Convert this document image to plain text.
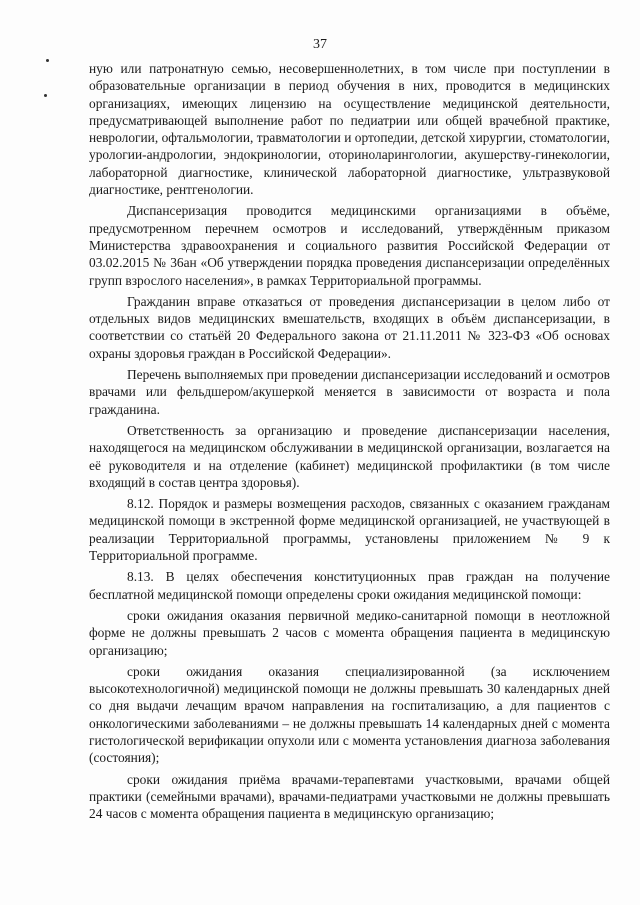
37

ную или патронатную семью, несовершеннолетних, в том числе при поступлении в образовательные организации в период обучения в них, проводится в медицинских организациях, имеющих лицензию на осуществление медицинской деятельности, предусматривающей выполнение работ по педиатрии или общей врачебной практике, неврологии, офтальмологии, травматологии и ортопедии, детской хирургии, стоматологии, урологии-андрологии, эндокринологии, оториноларингологии, акушерству-гинекологии, лабораторной диагностике, клинической лабораторной диагностике, ультразвуковой диагностике, рентгенологии.

Диспансеризация проводится медицинскими организациями в объёме, предусмотренном перечнем осмотров и исследований, утверждённым приказом Министерства здравоохранения и социального развития Российской Федерации от 03.02.2015 № 36ан «Об утверждении порядка проведения диспансеризации определённых групп взрослого населения», в рамках Территориальной программы.

Гражданин вправе отказаться от проведения диспансеризации в целом либо от отдельных видов медицинских вмешательств, входящих в объём диспансеризации, в соответствии со статьёй 20 Федерального закона от 21.11.2011 № 323-ФЗ «Об основах охраны здоровья граждан в Российской Федерации».

Перечень выполняемых при проведении диспансеризации исследований и осмотров врачами или фельдшером/акушеркой меняется в зависимости от возраста и пола гражданина.

Ответственность за организацию и проведение диспансеризации населения, находящегося на медицинском обслуживании в медицинской организации, возлагается на её руководителя и на отделение (кабинет) медицинской профилактики (в том числе входящий в состав центра здоровья).

8.12. Порядок и размеры возмещения расходов, связанных с оказанием гражданам медицинской помощи в экстренной форме медицинской организацией, не участвующей в реализации Территориальной программы, установлены приложением № 9 к Территориальной программе.

8.13. В целях обеспечения конституционных прав граждан на получение бесплатной медицинской помощи определены сроки ожидания медицинской помощи:

сроки ожидания оказания первичной медико-санитарной помощи в неотложной форме не должны превышать 2 часов с момента обращения пациента в медицинскую организацию;

сроки ожидания оказания специализированной (за исключением высокотехнологичной) медицинской помощи не должны превышать 30 календарных дней со дня выдачи лечащим врачом направления на госпитализацию, а для пациентов с онкологическими заболеваниями – не должны превышать 14 календарных дней с момента гистологической верификации опухоли или с момента установления диагноза заболевания (состояния);

сроки ожидания приёма врачами-терапевтами участковыми, врачами общей практики (семейными врачами), врачами-педиатрами участковыми не должны превышать 24 часов с момента обращения пациента в медицинскую организацию;
